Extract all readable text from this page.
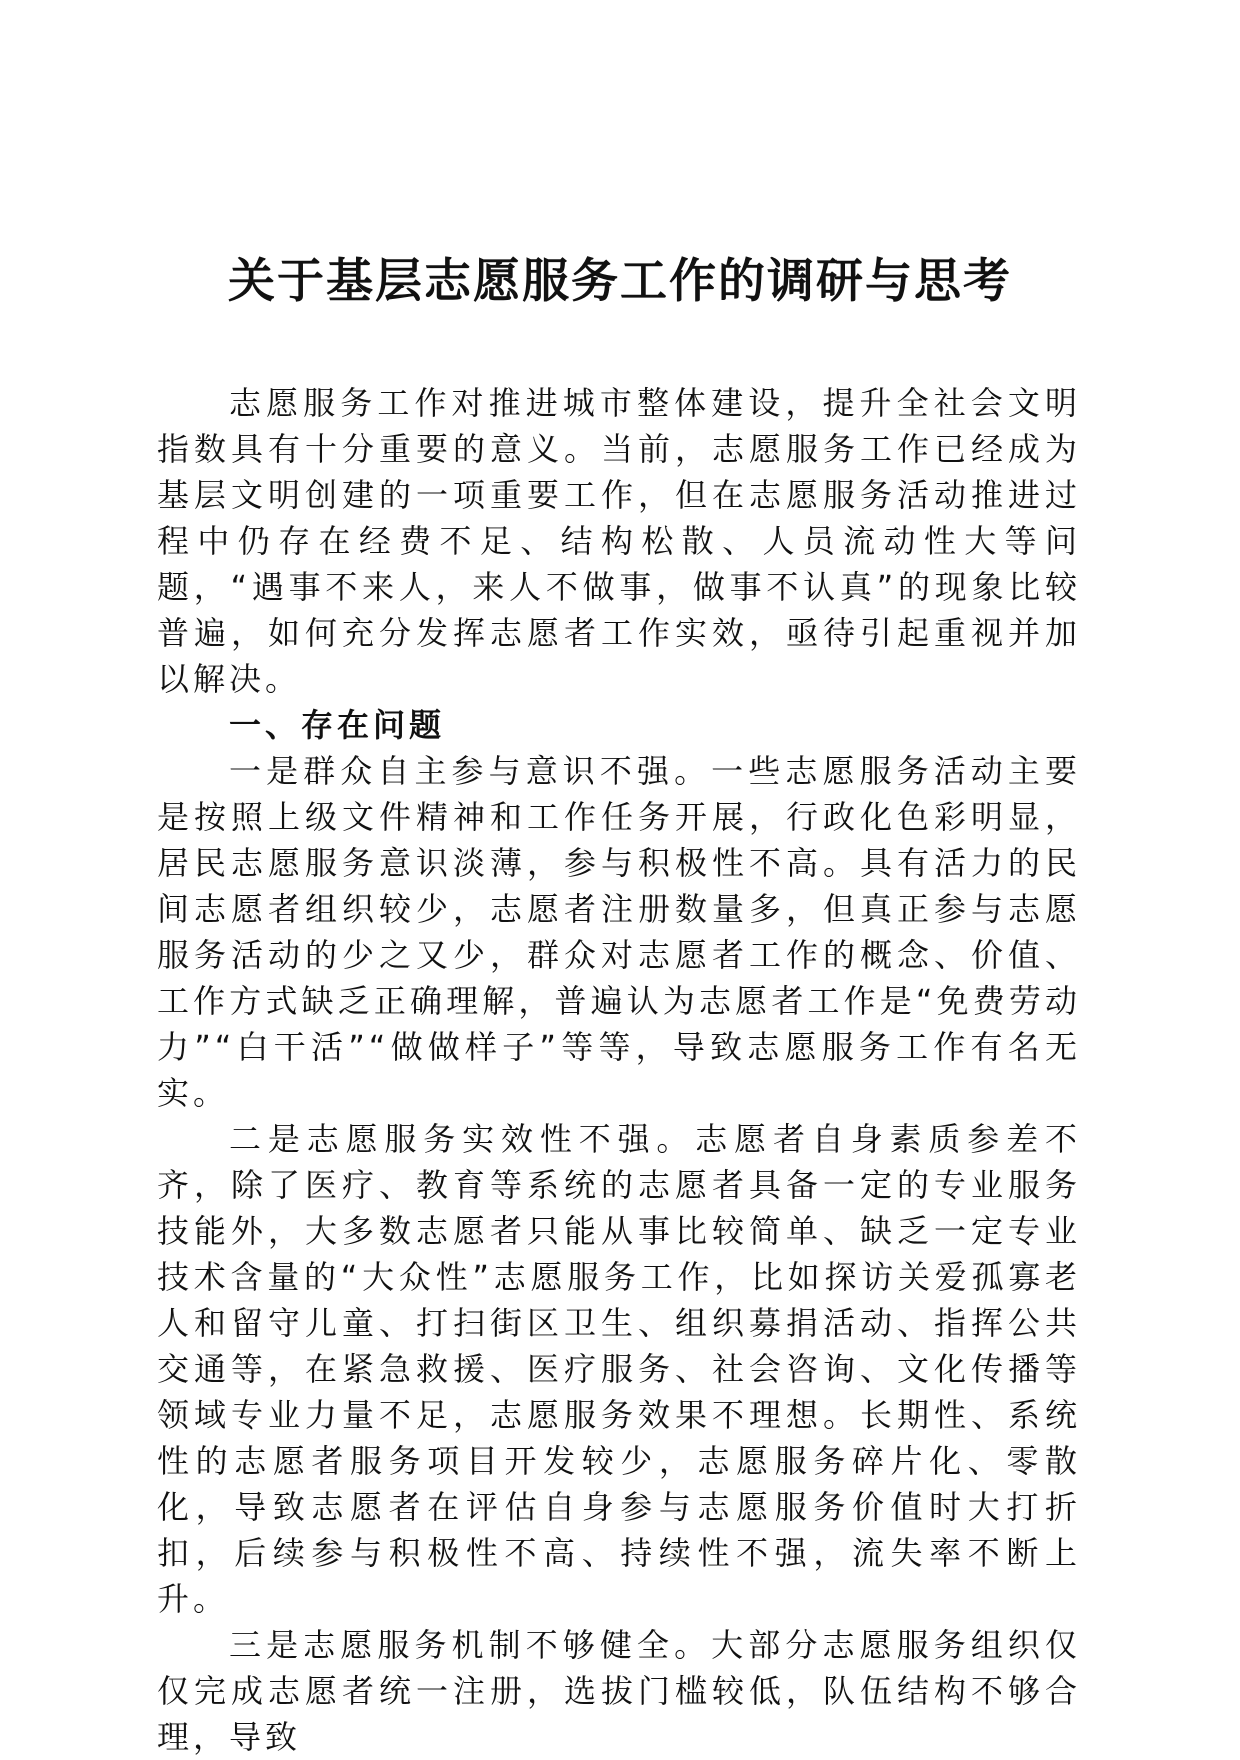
关于基层志愿服务工作的调研与思考

志愿服务工作对推进城市整体建设，提升全社会文明指数具有十分重要的意义。当前，志愿服务工作已经成为基层文明创建的一项重要工作，但在志愿服务活动推进过程中仍存在经费不足、结构松散、人员流动性大等问题，“遇事不来人，来人不做事，做事不认真”的现象比较普遍，如何充分发挥志愿者工作实效，亟待引起重视并加以解决。

一、存在问题

一是群众自主参与意识不强。一些志愿服务活动主要是按照上级文件精神和工作任务开展，行政化色彩明显，居民志愿服务意识淡薄，参与积极性不高。具有活力的民间志愿者组织较少，志愿者注册数量多，但真正参与志愿服务活动的少之又少，群众对志愿者工作的概念、价值、工作方式缺乏正确理解，普遍认为志愿者工作是“免费劳动力”“白干活”“做做样子”等等，导致志愿服务工作有名无实。

二是志愿服务实效性不强。志愿者自身素质参差不齐，除了医疗、教育等系统的志愿者具备一定的专业服务技能外，大多数志愿者只能从事比较简单、缺乏一定专业技术含量的“大众性”志愿服务工作，比如探访关爱孤寡老人和留守儿童、打扫街区卫生、组织募捐活动、指挥公共交通等，在紧急救援、医疗服务、社会咨询、文化传播等领域专业力量不足，志愿服务效果不理想。长期性、系统性的志愿者服务项目开发较少，志愿服务碎片化、零散化，导致志愿者在评估自身参与志愿服务价值时大打折扣，后续参与积极性不高、持续性不强，流失率不断上升。

三是志愿服务机制不够健全。大部分志愿服务组织仅仅完成志愿者统一注册，选拔门槛较低，队伍结构不够合理，导致
